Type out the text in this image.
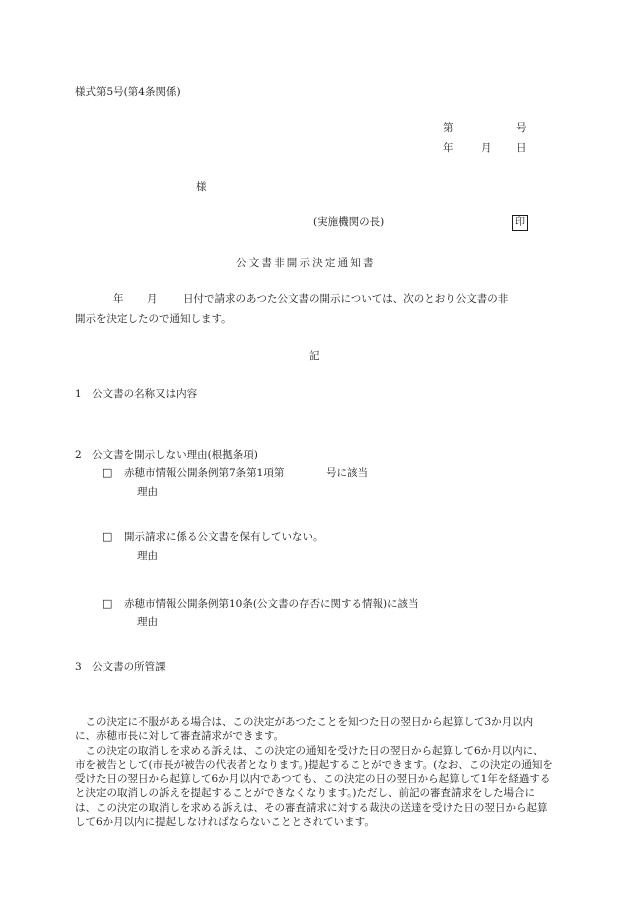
様式第5号(第4条関係)
第	号
年	月 日
様
(実施機関の長)	印
公文書非開示決定通知書
年 月 日付で請求のあつた公文書の開示については、次のとおり公文書の非
開示を決定したので通知します。
記
1　公文書の名称又は内容
2　公文書を開示しない理由(根拠条項)
□ 赤穂市情報公開条例第7条第1項第	号に該当
理由
□ 開示請求に係る公文書を保有していない。
理由
□ 赤穂市情報公開条例第10条(公文書の存否に関する情報)に該当
理由
3　公文書の所管課

この決定に不服がある場合は、この決定があつたことを知つた日の翌日から起算して3か月以内に、赤穂市長に対して審査請求ができます。

この決定の取消しを求める訴えは、この決定の通知を受けた日の翌日から起算して6か月以内に、市を被告として(市長が被告の代表者となります。)提起することができます。(なお、この決定の通知を受けた日の翌日から起算して6か月以内であつても、この決定の日の翌日から起算して1年を経過すると決定の取消しの訴えを提起することができなくなります。)ただし、前記の審査請求をした場合には、この決定の取消しを求める訴えは、その審査請求に対する裁決の送達を受けた日の翌日から起算して6か月以内に提起しなければならないこととされています。
